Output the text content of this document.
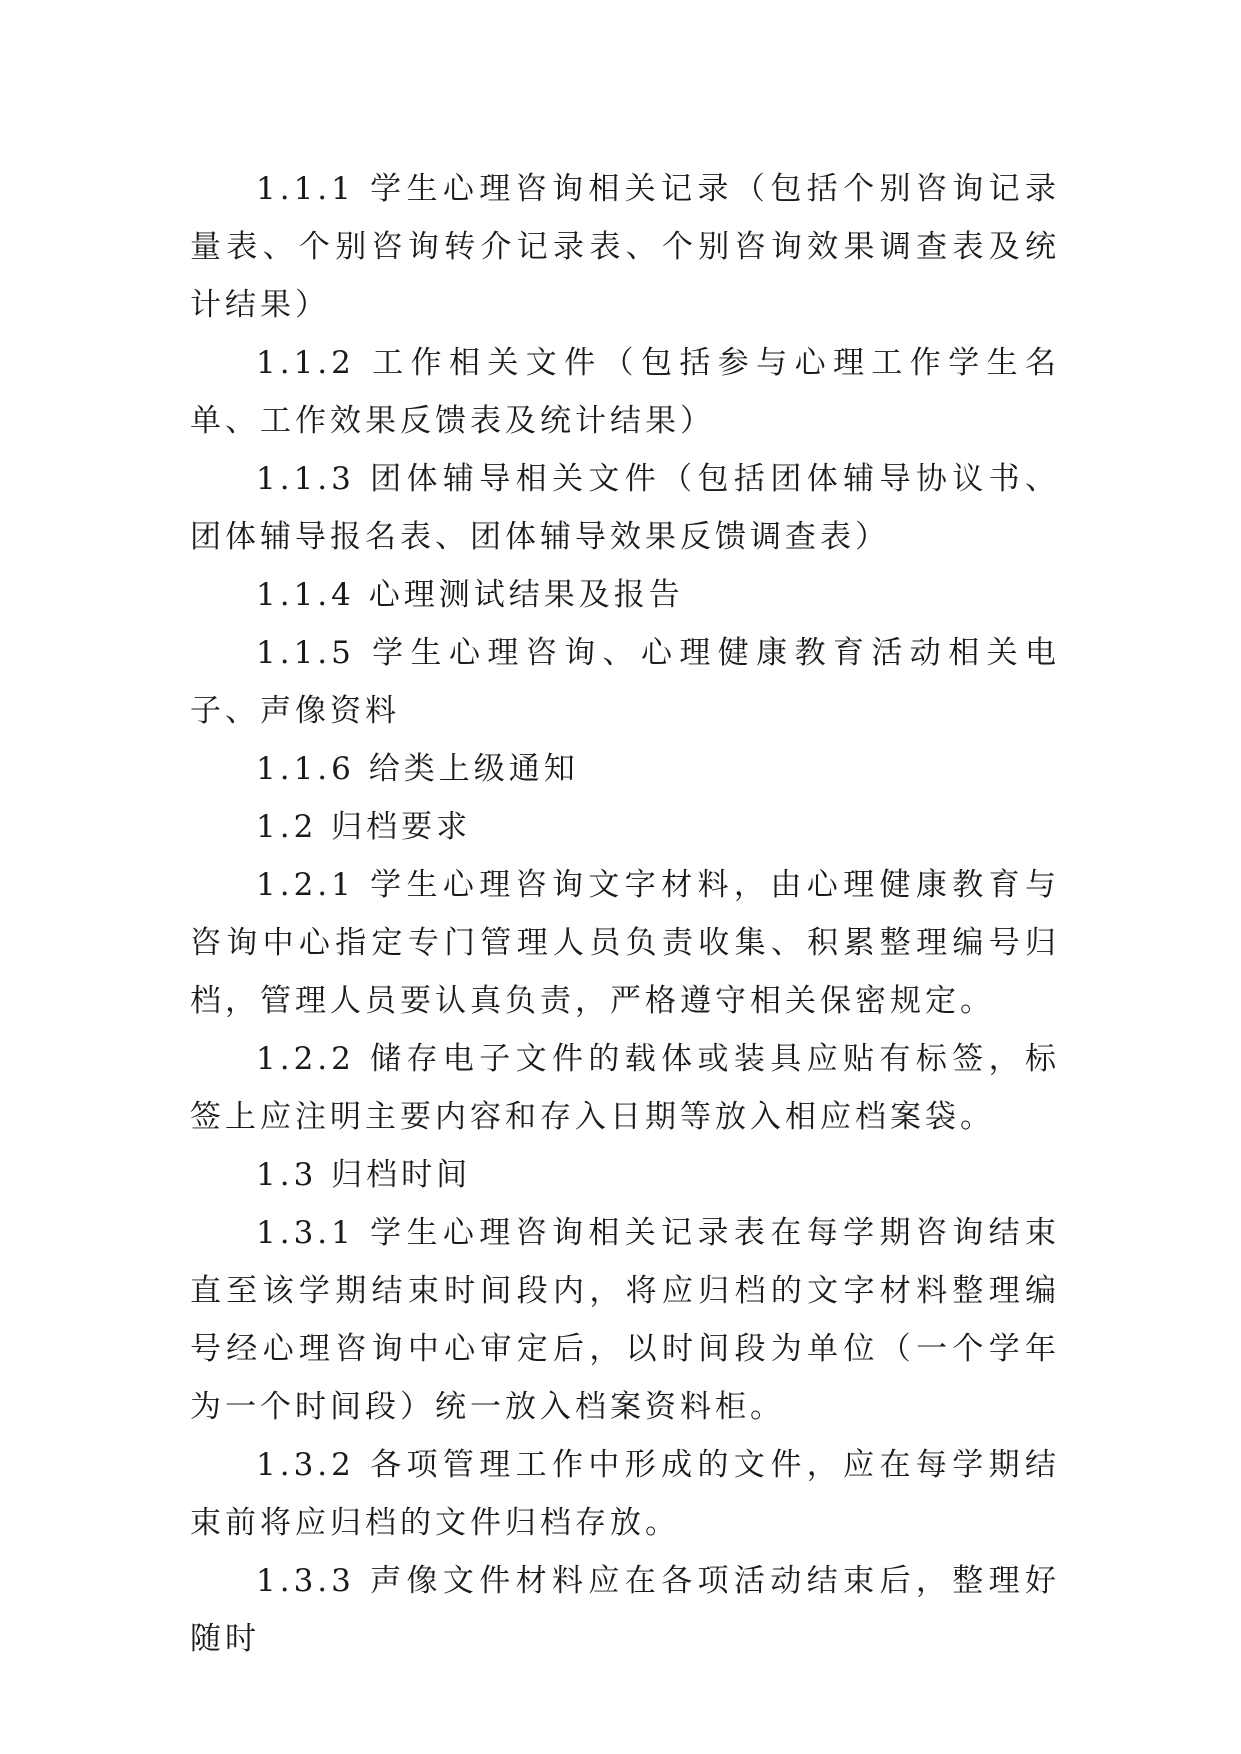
1.1.1 学生心理咨询相关记录（包括个别咨询记录量表、个别咨询转介记录表、个别咨询效果调查表及统计结果）

1.1.2 工作相关文件（包括参与心理工作学生名单、工作效果反馈表及统计结果）

1.1.3 团体辅导相关文件（包括团体辅导协议书、团体辅导报名表、团体辅导效果反馈调查表）

1.1.4 心理测试结果及报告

1.1.5 学生心理咨询、心理健康教育活动相关电子、声像资料

1.1.6 给类上级通知

1.2 归档要求

1.2.1 学生心理咨询文字材料，由心理健康教育与咨询中心指定专门管理人员负责收集、积累整理编号归档，管理人员要认真负责，严格遵守相关保密规定。

1.2.2 储存电子文件的载体或装具应贴有标签，标签上应注明主要内容和存入日期等放入相应档案袋。

1.3 归档时间

1.3.1 学生心理咨询相关记录表在每学期咨询结束直至该学期结束时间段内，将应归档的文字材料整理编号经心理咨询中心审定后，以时间段为单位（一个学年为一个时间段）统一放入档案资料柜。

1.3.2 各项管理工作中形成的文件，应在每学期结束前将应归档的文件归档存放。

1.3.3 声像文件材料应在各项活动结束后，整理好随时
